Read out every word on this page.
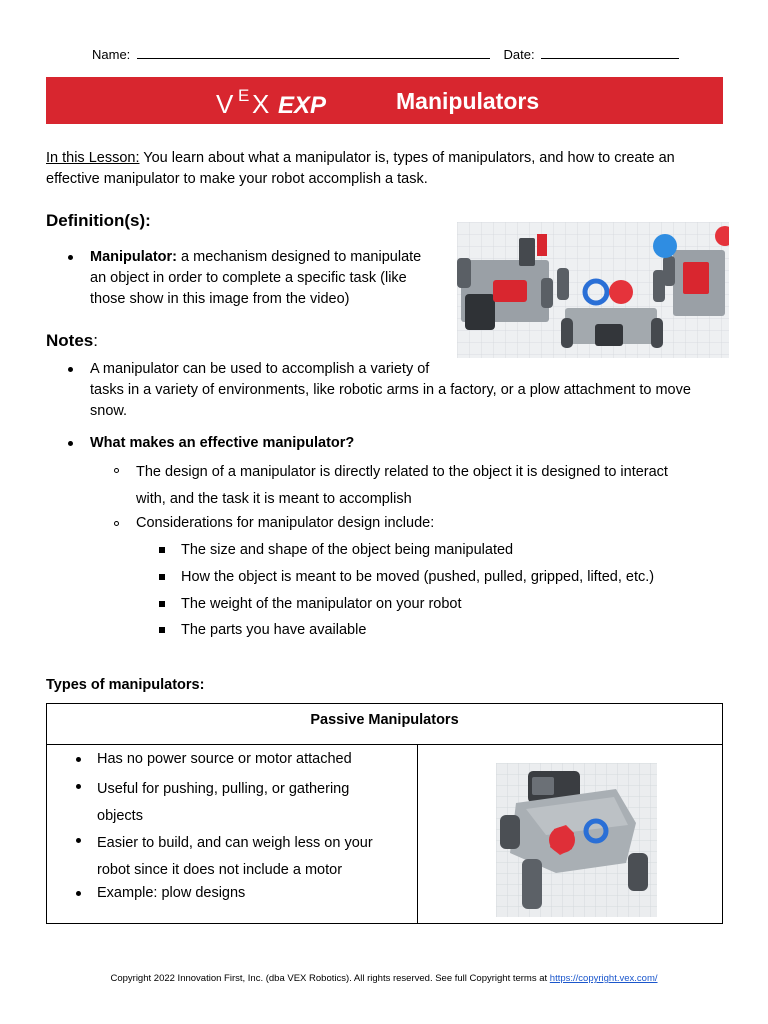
Name:	Date:
V E X EXP	Manipulators
In this Lesson: You learn about what a manipulator is, types of manipulators, and how to create an effective manipulator to make your robot accomplish a task.
Definition(s):
Manipulator: a mechanism designed to manipulate
an object in order to complete a specific task (like
those show in this image from the video)
Notes:
A manipulator can be used to accomplish a variety of
tasks in a variety of environments, like robotic arms in a factory, or a plow attachment to move
snow.
What makes an effective manipulator?
The design of a manipulator is directly related to the object it is designed to interact
with, and the task it is meant to accomplish
Considerations for manipulator design include:
The size and shape of the object being manipulated
How the object is meant to be moved (pushed, pulled, gripped, lifted, etc.)
The weight of the manipulator on your robot
The parts you have available
Types of manipulators:
Passive Manipulators
Has no power source or motor attached
Useful for pushing, pulling, or gathering
objects
Easier to build, and can weigh less on your
robot since it does not include a motor
Example: plow designs
Copyright 2022 Innovation First, Inc. (dba VEX Robotics). All rights reserved. See full Copyright terms at https://copyright.vex.com/
